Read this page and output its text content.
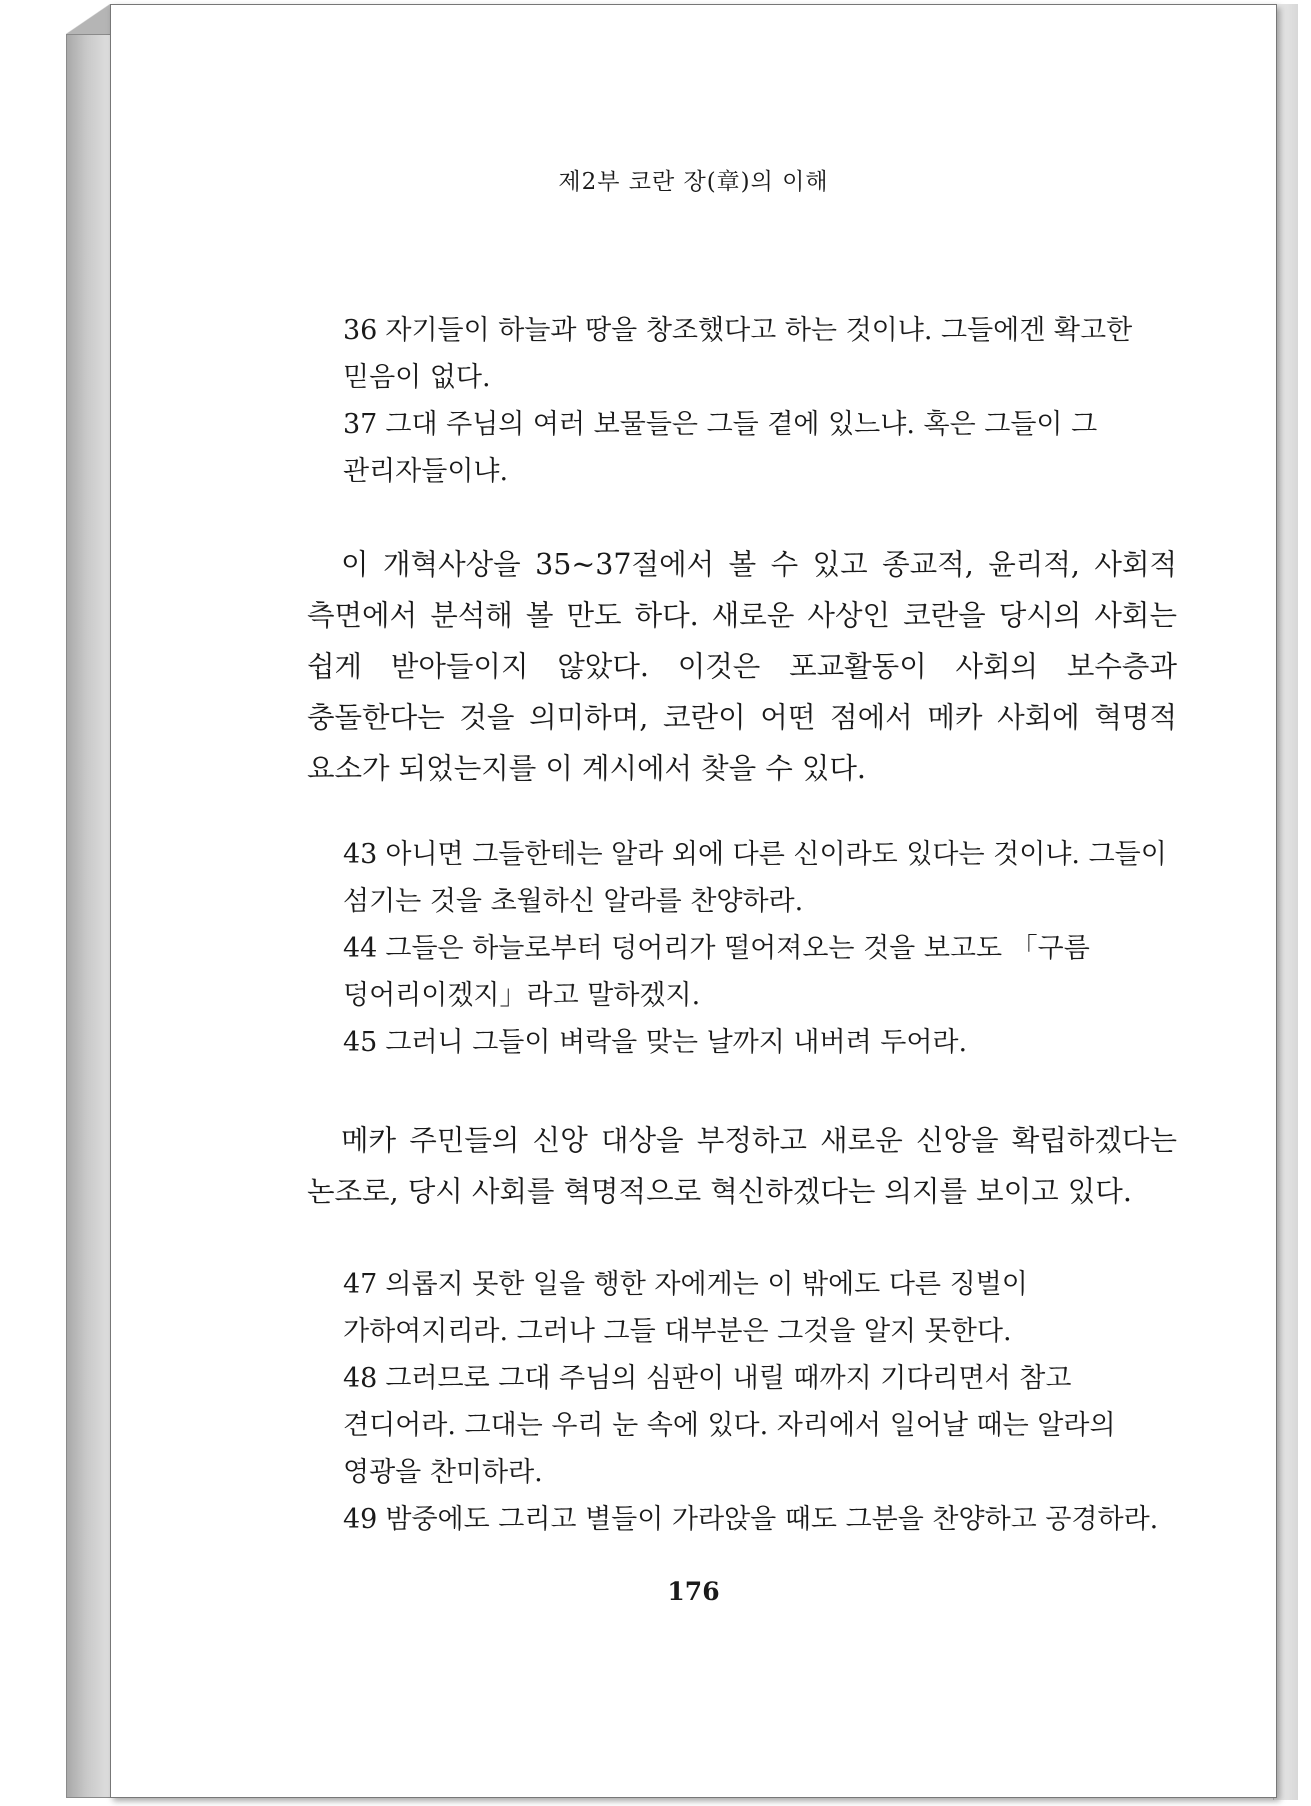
제2부 코란 장(章)의 이해
36 자기들이 하늘과 땅을 창조했다고 하는 것이냐. 그들에겐 확고한 믿음이 없다.
37 그대 주님의 여러 보물들은 그들 곁에 있느냐. 혹은 그들이 그 관리자들이냐.
이 개혁사상을 35~37절에서 볼 수 있고 종교적, 윤리적, 사회적 측면에서 분석해 볼 만도 하다. 새로운 사상인 코란을 당시의 사회는 쉽게 받아들이지 않았다. 이것은 포교활동이 사회의 보수층과 충돌한다는 것을 의미하며, 코란이 어떤 점에서 메카 사회에 혁명적 요소가 되었는지를 이 계시에서 찾을 수 있다.
43 아니면 그들한테는 알라 외에 다른 신이라도 있다는 것이냐. 그들이 섬기는 것을 초월하신 알라를 찬양하라.
44 그들은 하늘로부터 덩어리가 떨어져오는 것을 보고도 「구름 덩어리이겠지」라고 말하겠지.
45 그러니 그들이 벼락을 맞는 날까지 내버려 두어라.
메카 주민들의 신앙 대상을 부정하고 새로운 신앙을 확립하겠다는 논조로, 당시 사회를 혁명적으로 혁신하겠다는 의지를 보이고 있다.
47 의롭지 못한 일을 행한 자에게는 이 밖에도 다른 징벌이 가하여지리라. 그러나 그들 대부분은 그것을 알지 못한다.
48 그러므로 그대 주님의 심판이 내릴 때까지 기다리면서 참고 견디어라. 그대는 우리 눈 속에 있다. 자리에서 일어날 때는 알라의 영광을 찬미하라.
49 밤중에도 그리고 별들이 가라앉을 때도 그분을 찬양하고 공경하라.
176
